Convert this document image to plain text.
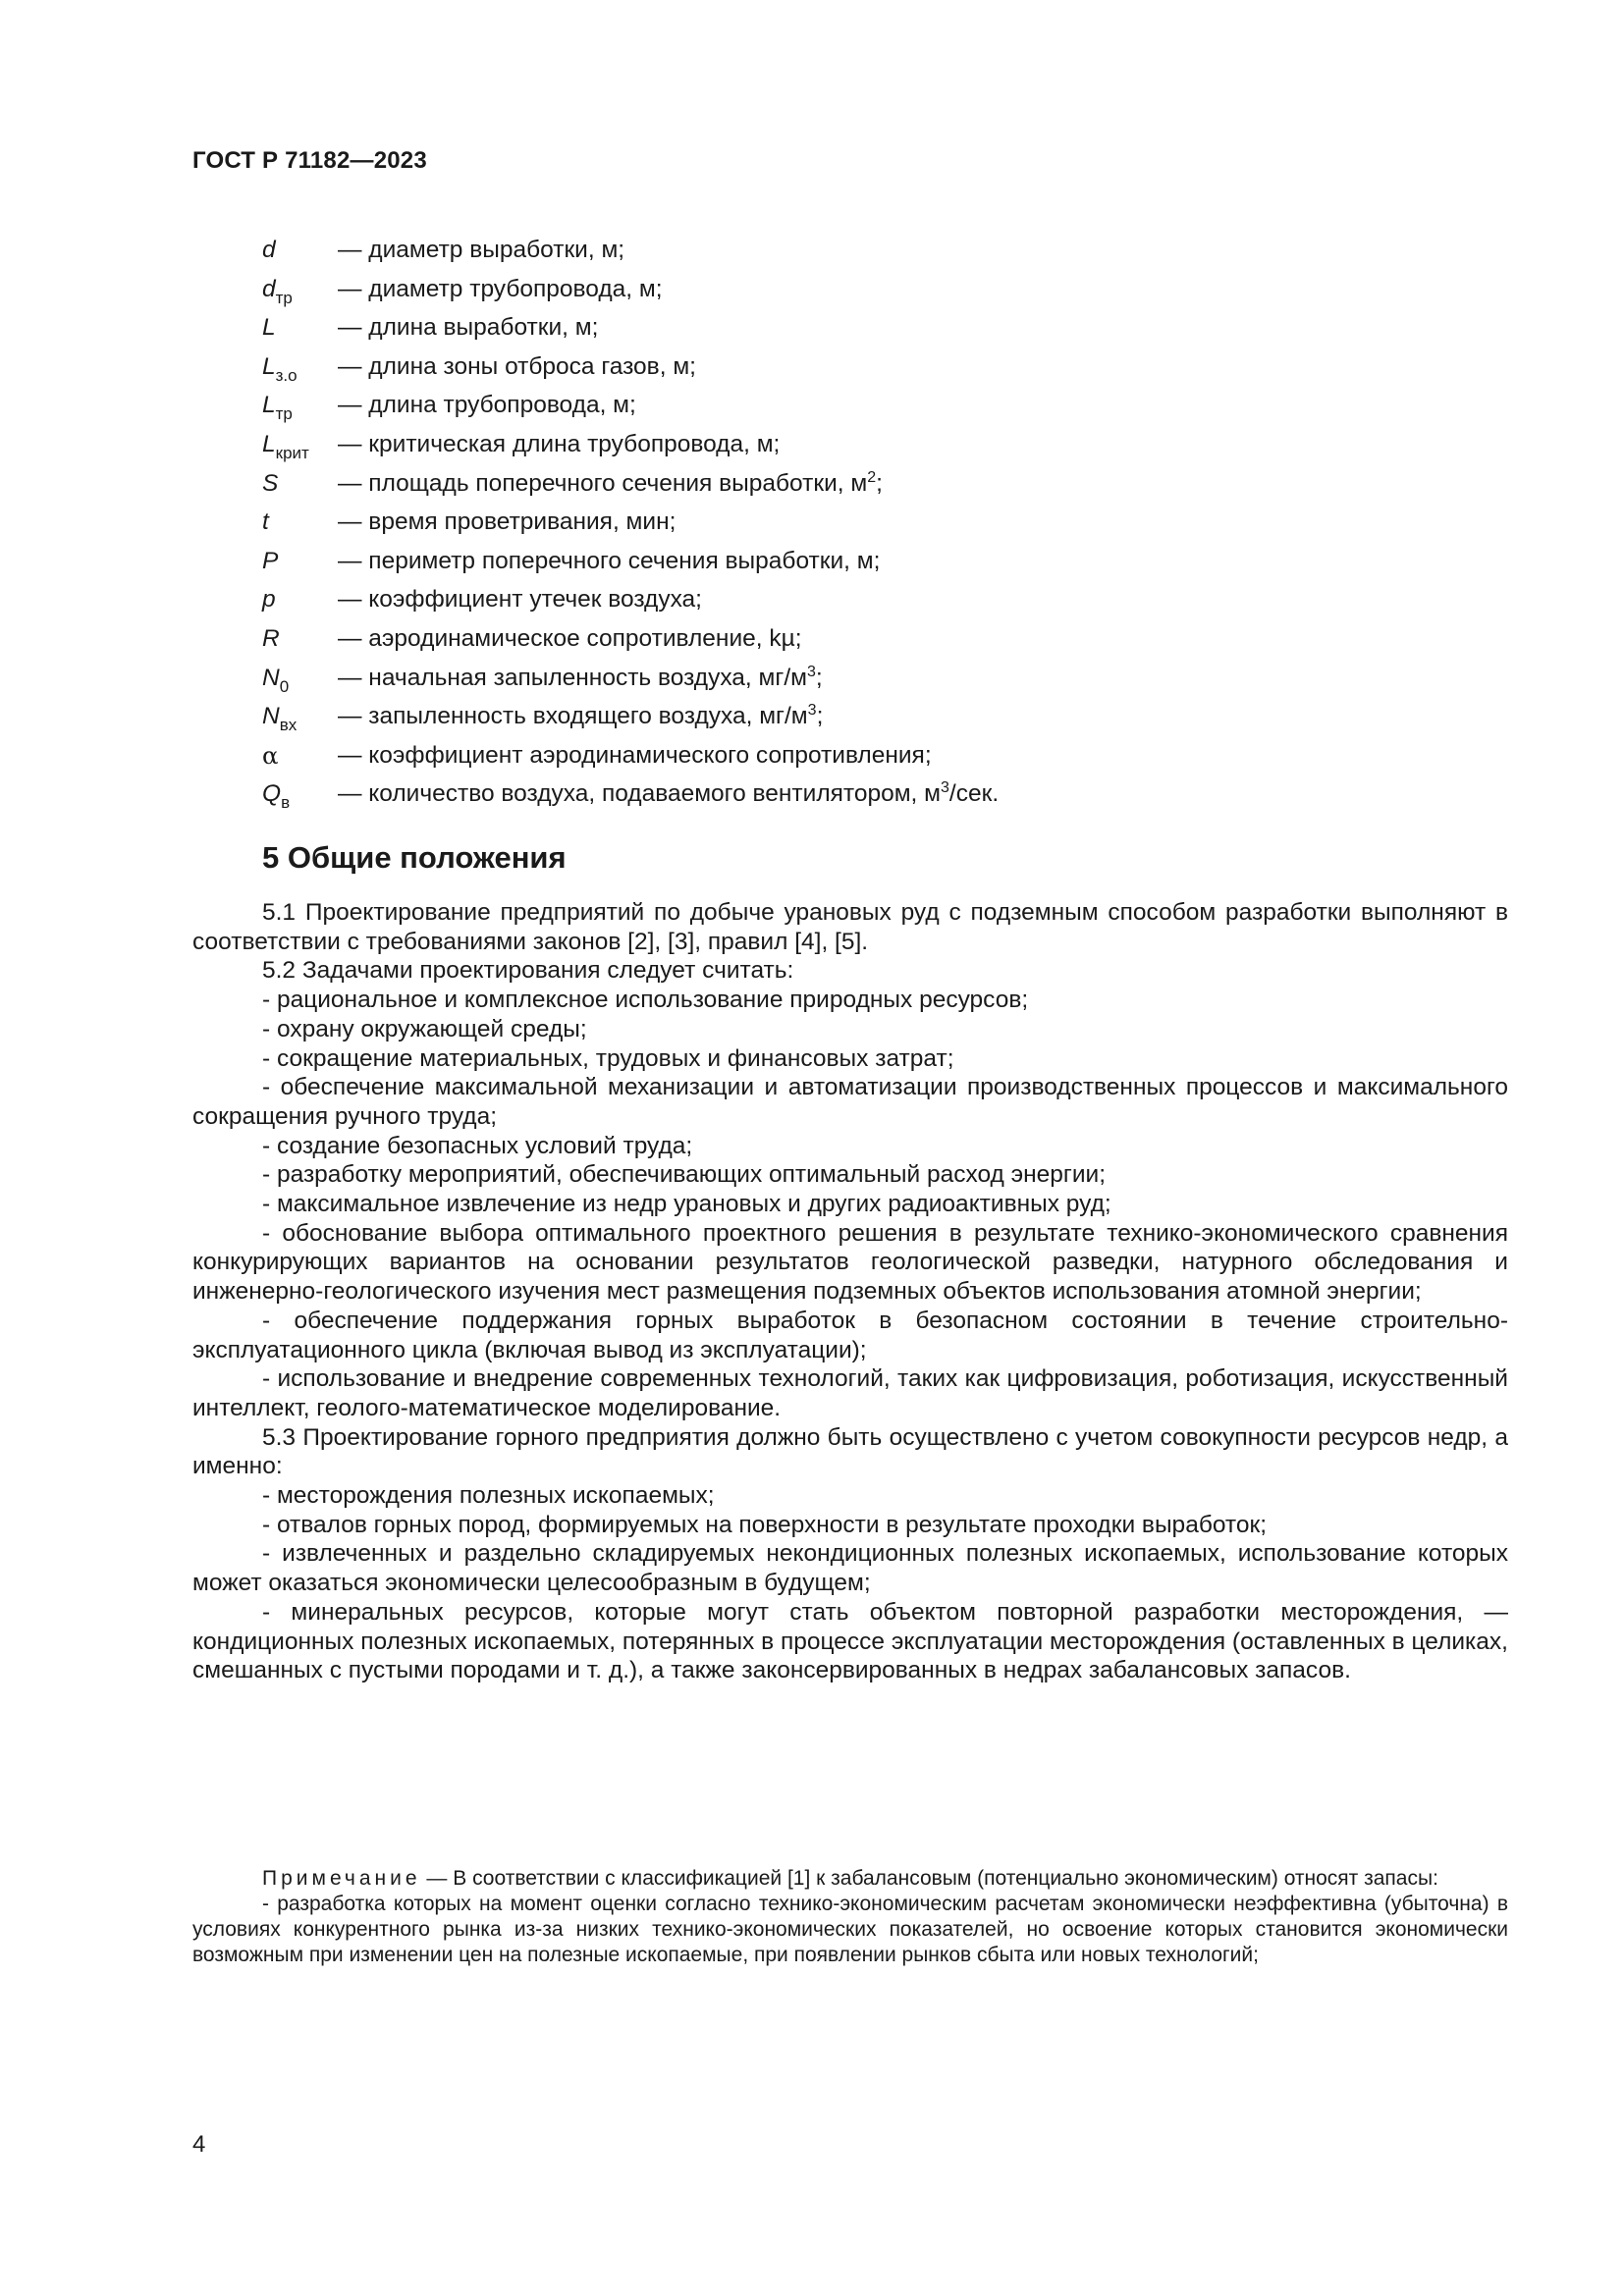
ГОСТ Р 71182—2023
d	— диаметр выработки, м;
$d_{тр}$ — диаметр трубопровода, м;
L	— длина выработки, м;
$L_{з.о}$ — длина зоны отброса газов, м;
$L_{тр}$ — длина трубопровода, м;
$L_{крит}$ — критическая длина трубопровода, м;
S — площадь поперечного сечения выработки, $м^2$;
t	— время проветривания, мин;
P — периметр поперечного сечения выработки, м;
p	— коэффициент утечек воздуха;
R — аэродинамическое сопротивление, kµ;
$N_0$ — начальная запыленность воздуха, $мг/м^3$;
$N_{вх}$ — запыленность входящего воздуха, $мг/м^3$;
α — коэффициент аэродинамического сопротивления;
$Q_в$ — количество воздуха, подаваемого вентилятором, $м^3$/сек.
5 Общие положения

5.1 Проектирование предприятий по добыче урановых руд с подземным способом разработки выполняют в соответствии с требованиями законов [2], [3], правил [4], [5].

5.2 Задачами проектирования следует считать:

- рациональное и комплексное использование природных ресурсов;

- охрану окружающей среды;

- сокращение материальных, трудовых и финансовых затрат;

- обеспечение максимальной механизации и автоматизации производственных процессов и максимального сокращения ручного труда;

- создание безопасных условий труда;

- разработку мероприятий, обеспечивающих оптимальный расход энергии;

- максимальное извлечение из недр урановых и других радиоактивных руд;

- обоснование выбора оптимального проектного решения в результате технико-экономического сравнения конкурирующих вариантов на основании результатов геологической разведки, натурного обследования и инженерно-геологического изучения мест размещения подземных объектов использования атомной энергии;

- обеспечение поддержания горных выработок в безопасном состоянии в течение строительно-эксплуатационного цикла (включая вывод из эксплуатации);

- использование и внедрение современных технологий, таких как цифровизация, роботизация, искусственный интеллект, геолого-математическое моделирование.

5.3 Проектирование горного предприятия должно быть осуществлено с учетом совокупности ресурсов недр, а именно:

- месторождения полезных ископаемых;

- отвалов горных пород, формируемых на поверхности в результате проходки выработок;

- извлеченных и раздельно складируемых некондиционных полезных ископаемых, использование которых может оказаться экономически целесообразным в будущем;

- минеральных ресурсов, которые могут стать объектом повторной разработки месторождения, — кондиционных полезных ископаемых, потерянных в процессе эксплуатации месторождения (оставленных в целиках, смешанных с пустыми породами и т. д.), а также законсервированных в недрах забалансовых запасов.

Примечание — В соответствии с классификацией [1] к забалансовым (потенциально экономическим) относят запасы:

- разработка которых на момент оценки согласно технико-экономическим расчетам экономически неэффективна (убыточна) в условиях конкурентного рынка из-за низких технико-экономических показателей, но освоение которых становится экономически возможным при изменении цен на полезные ископаемые, при появлении рынков сбыта или новых технологий;

4
